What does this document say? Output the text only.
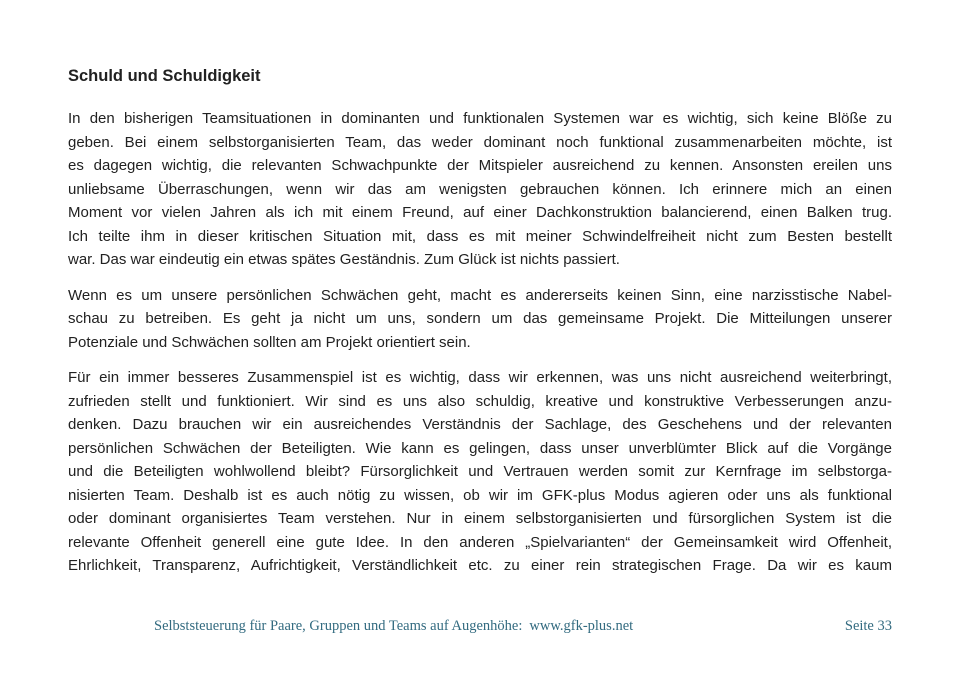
Schuld und Schuldigkeit
In den bisherigen Teamsituationen in dominanten und funktionalen Systemen war es wichtig, sich keine Blöße zu
geben. Bei einem selbstorganisierten Team, das weder dominant noch funktional zusammenarbeiten möchte, ist
es dagegen wichtig, die relevanten Schwachpunkte der Mitspieler ausreichend zu kennen. Ansonsten ereilen uns
unliebsame Überraschungen, wenn wir das am wenigsten gebrauchen können. Ich erinnere mich an einen
Moment vor vielen Jahren als ich mit einem Freund, auf einer Dachkonstruktion balancierend, einen Balken trug.
Ich teilte ihm in dieser kritischen Situation mit, dass es mit meiner Schwindelfreiheit nicht zum Besten bestellt
war. Das war eindeutig ein etwas spätes Geständnis. Zum Glück ist nichts passiert.
Wenn es um unsere persönlichen Schwächen geht, macht es andererseits keinen Sinn, eine narzisstische Nabel-
schau zu betreiben. Es geht ja nicht um uns, sondern um das gemeinsame Projekt. Die Mitteilungen unserer
Potenziale und Schwächen sollten am Projekt orientiert sein.
Für ein immer besseres Zusammenspiel ist es wichtig, dass wir erkennen, was uns nicht ausreichend weiterbringt,
zufrieden stellt und funktioniert. Wir sind es uns also schuldig, kreative und konstruktive Verbesserungen anzu-
denken. Dazu brauchen wir ein ausreichendes Verständnis der Sachlage, des Geschehens und der relevanten
persönlichen Schwächen der Beteiligten. Wie kann es gelingen, dass unser unverblümter Blick auf die Vorgänge
und die Beteiligten wohlwollend bleibt? Fürsorglichkeit und Vertrauen werden somit zur Kernfrage im selbstorga-
nisierten Team. Deshalb ist es auch nötig zu wissen, ob wir im GFK-plus Modus agieren oder uns als funktional
oder dominant organisiertes Team verstehen. Nur in einem selbstorganisierten und fürsorglichen System ist die
relevante Offenheit generell eine gute Idee. In den anderen „Spielvarianten“ der Gemeinsamkeit wird Offenheit,
Ehrlichkeit, Transparenz, Aufrichtigkeit, Verständlichkeit etc. zu einer rein strategischen Frage. Da wir es kaum
Selbststeuerung für Paare, Gruppen und Teams auf Augenhöhe: www.gfk-plus.net	Seite 33
